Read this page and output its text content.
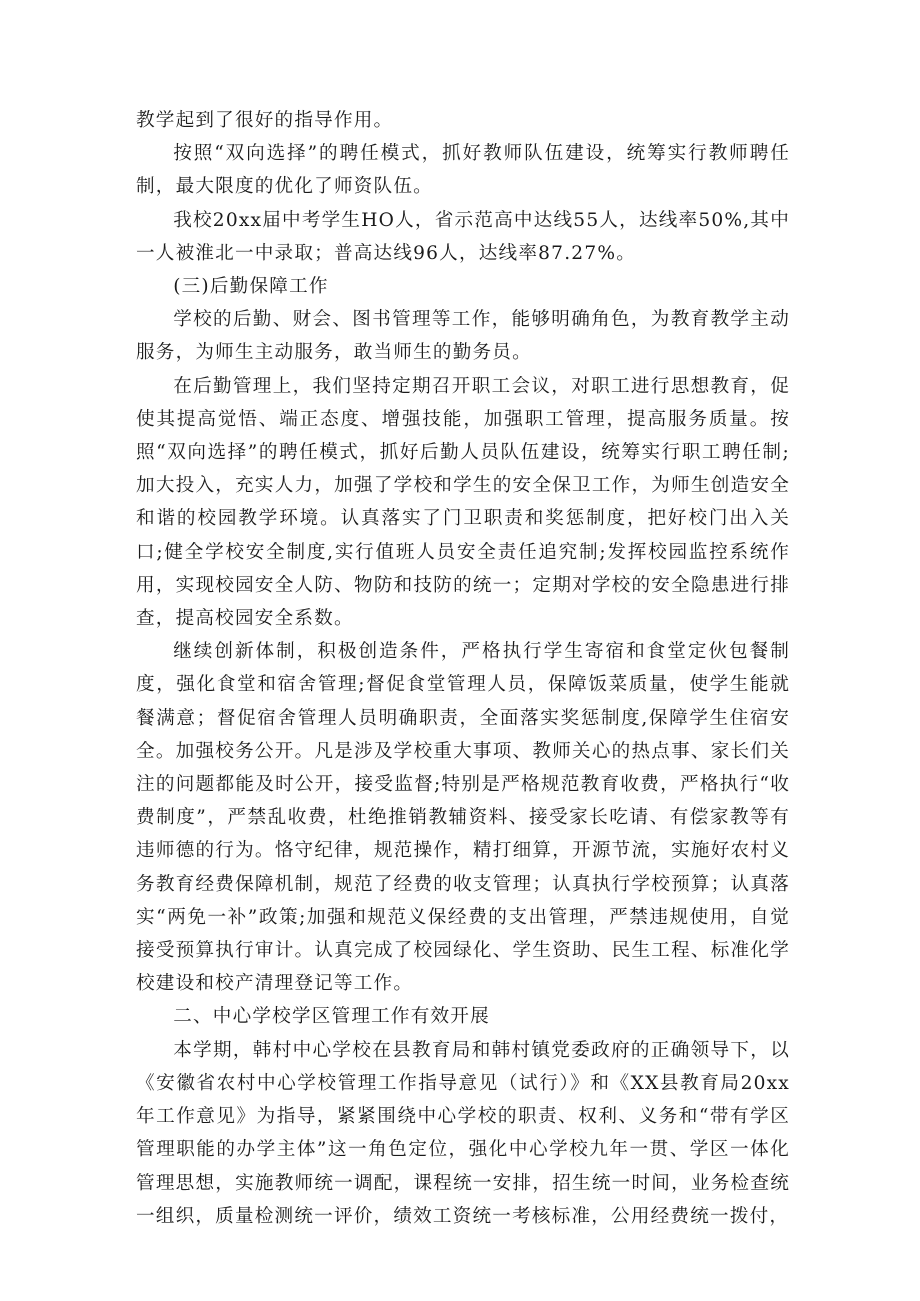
教学起到了很好的指导作用。

按照“双向选择”的聘任模式，抓好教师队伍建设，统筹实行教师聘任制，最大限度的优化了师资队伍。

我校20xx届中考学生HO人，省示范高中达线55人，达线率50%,其中一人被淮北一中录取；普高达线96人，达线率87.27%。

(三)后勤保障工作

学校的后勤、财会、图书管理等工作，能够明确角色，为教育教学主动服务，为师生主动服务，敢当师生的勤务员。

在后勤管理上，我们坚持定期召开职工会议，对职工进行思想教育，促使其提高觉悟、端正态度、增强技能，加强职工管理，提高服务质量。按照“双向选择”的聘任模式，抓好后勤人员队伍建设，统筹实行职工聘任制;加大投入，充实人力，加强了学校和学生的安全保卫工作，为师生创造安全和谐的校园教学环境。认真落实了门卫职责和奖惩制度，把好校门出入关口;健全学校安全制度,实行值班人员安全责任追究制;发挥校园监控系统作用，实现校园安全人防、物防和技防的统一；定期对学校的安全隐患进行排查，提高校园安全系数。

继续创新体制，积极创造条件，严格执行学生寄宿和食堂定伙包餐制度，强化食堂和宿舍管理;督促食堂管理人员，保障饭菜质量，使学生能就餐满意；督促宿舍管理人员明确职责，全面落实奖惩制度,保障学生住宿安全。加强校务公开。凡是涉及学校重大事项、教师关心的热点事、家长们关注的问题都能及时公开，接受监督;特别是严格规范教育收费，严格执行“收费制度”，严禁乱收费，杜绝推销教辅资料、接受家长吃请、有偿家教等有违师德的行为。恪守纪律，规范操作，精打细算，开源节流，实施好农村义务教育经费保障机制，规范了经费的收支管理；认真执行学校预算；认真落实“两免一补”政策;加强和规范义保经费的支出管理，严禁违规使用，自觉接受预算执行审计。认真完成了校园绿化、学生资助、民生工程、标准化学校建设和校产清理登记等工作。

二、中心学校学区管理工作有效开展

本学期，韩村中心学校在县教育局和韩村镇党委政府的正确领导下，以《安徽省农村中心学校管理工作指导意见（试行）》和《XX县教育局20xx年工作意见》为指导，紧紧围绕中心学校的职责、权利、义务和“带有学区管理职能的办学主体”这一角色定位，强化中心学校九年一贯、学区一体化管理思想，实施教师统一调配，课程统一安排，招生统一时间，业务检查统一组织，质量检测统一评价，绩效工资统一考核标准，公用经费统一拨付，
